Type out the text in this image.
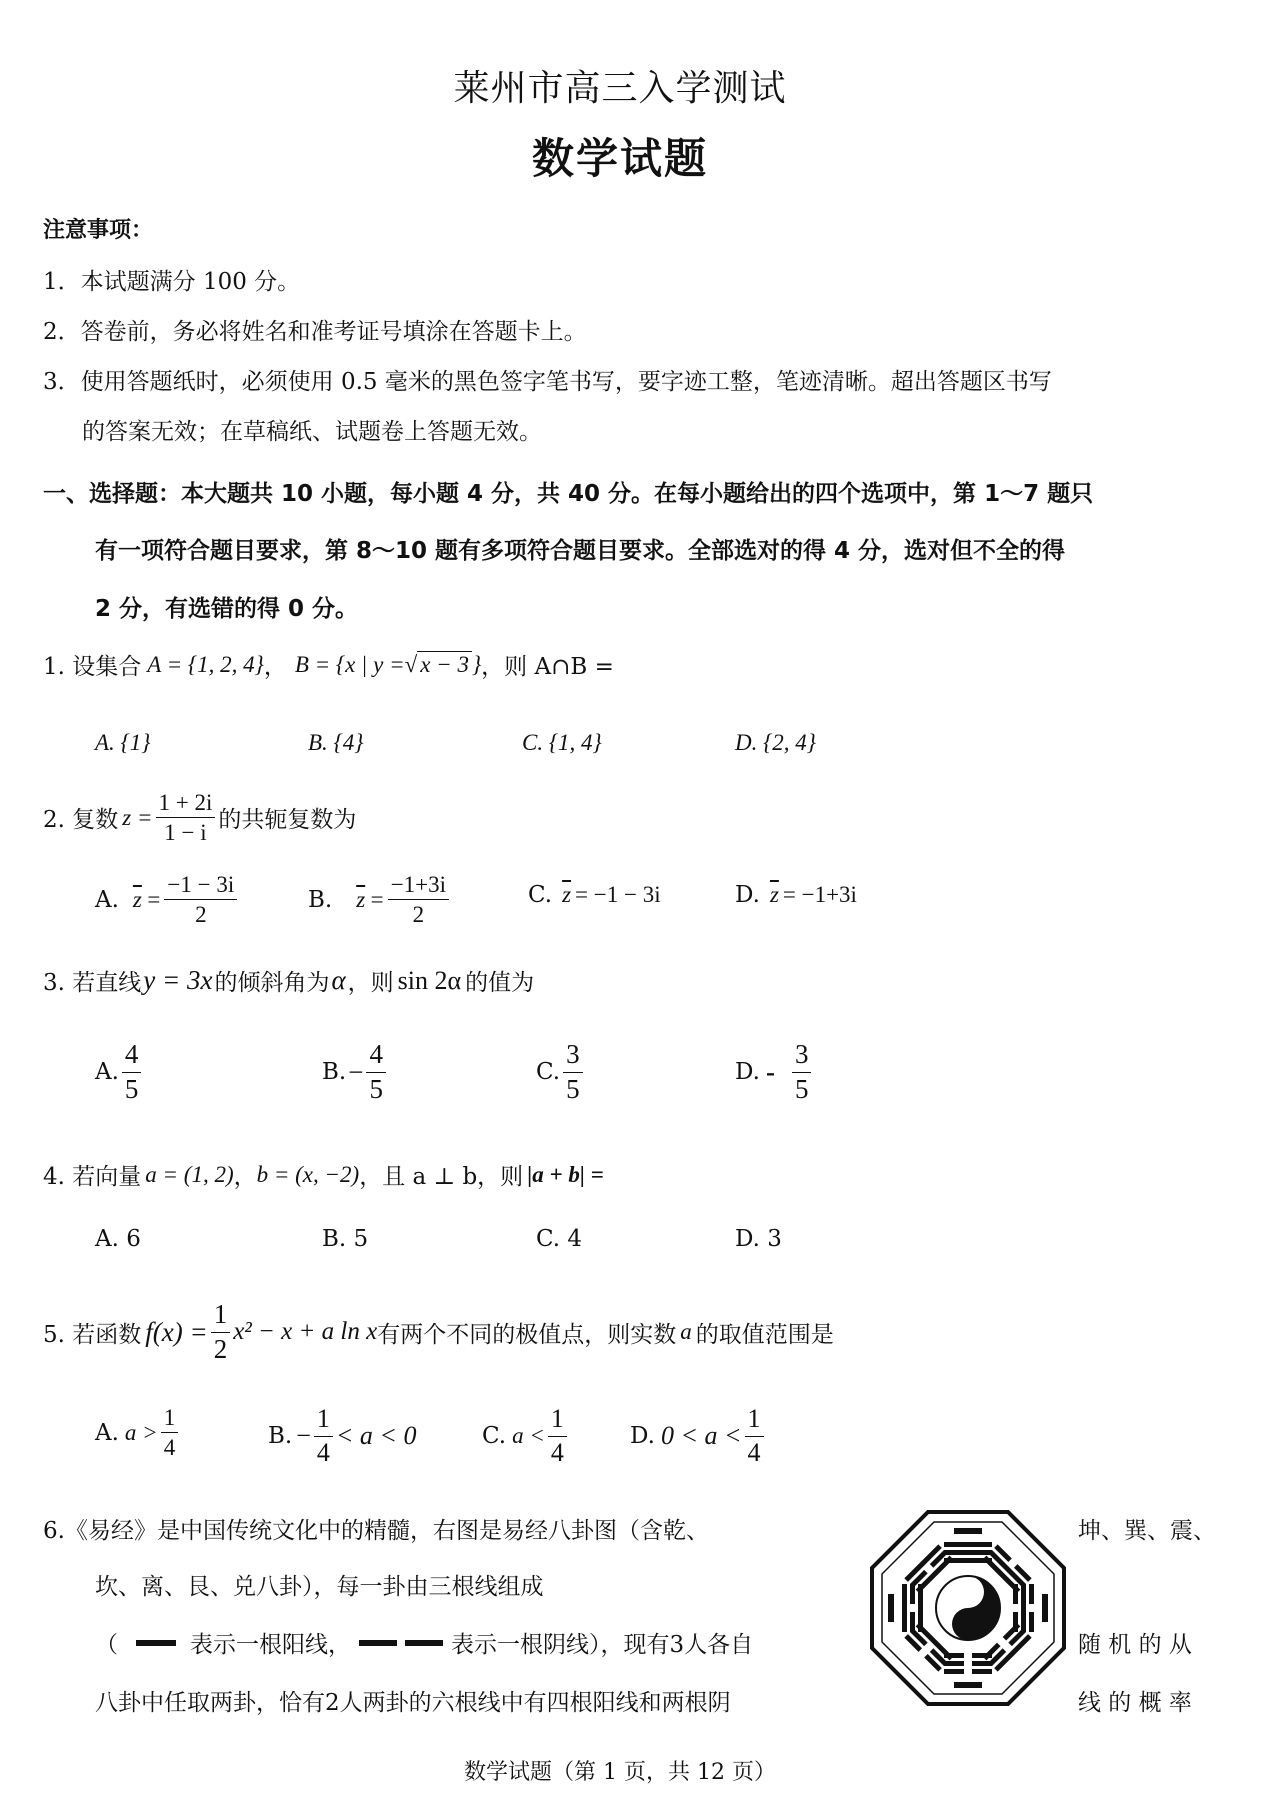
莱州市高三入学测试
数学试题
注意事项：
1．本试题满分 100 分。
2．答卷前，务必将姓名和准考证号填涂在答题卡上。
3．使用答题纸时，必须使用 0.5 毫米的黑色签字笔书写，要字迹工整，笔迹清晰。超出答题区书写
的答案无效；在草稿纸、试题卷上答题无效。
一、选择题：本大题共 10 小题，每小题 4 分，共 40 分。在每小题给出的四个选项中，第 1～7 题只
有一项符合题目要求，第 8～10 题有多项符合题目要求。全部选对的得 4 分，选对但不全的得
2 分，有选错的得 0 分。
1. 设集合 A = {1, 2, 4} ， B = {x | y = √ x − 3 } ，则 A∩B =
A. {1}	B. {4}	C. {1, 4}	D. {2, 4}
2. 复数 $z = \frac{1 + 2i}{1 - i}$ 的共轭复数为
A. $\overline{z} = \frac{-1 - 3i}{2}$	B. $\overline{z} = \frac{-1+3i}{2}$	C. $\overline{z} = -1 - 3i$	D. $\overline{z} = -1+3i$
3. 若直线 y = 3x 的倾斜角为 α ，则 sin 2α 的值为
A. $\frac{4}{5}$	B. − $\frac{4}{5}$	C. $\frac{3}{5}$	D. - $\frac{3}{5}$
4. 若向量 a = (1, 2) ， b = (x, −2) ，且 a ⊥ b，则 |a + b| =
A. 6	B. 5	C. 4	D. 3
5. 若函数 $f(x) = \frac{1}{2} x^2 - x + a$ ln x 有两个不同的极值点，则实数 a 的取值范围是
A. $a > \frac{1}{4}$	B. − $\frac{1}{4} < a < 0$	C. $a < \frac{1}{4}$	D. $0 < a < \frac{1}{4}$
6.《易经》是中国传统文化中的精髓，右图是易经八卦图（含乾、	坤、巽、震、
坎、离、艮、兑八卦），每一卦由三根线组成
（	表示一根阳线，	表示一根阴线），现有3人各自	随 机 的 从
八卦中任取两卦，恰有2人两卦的六根线中有四根阳线和两根阴	线 的 概 率
数学试题（第 1 页，共 12 页）
